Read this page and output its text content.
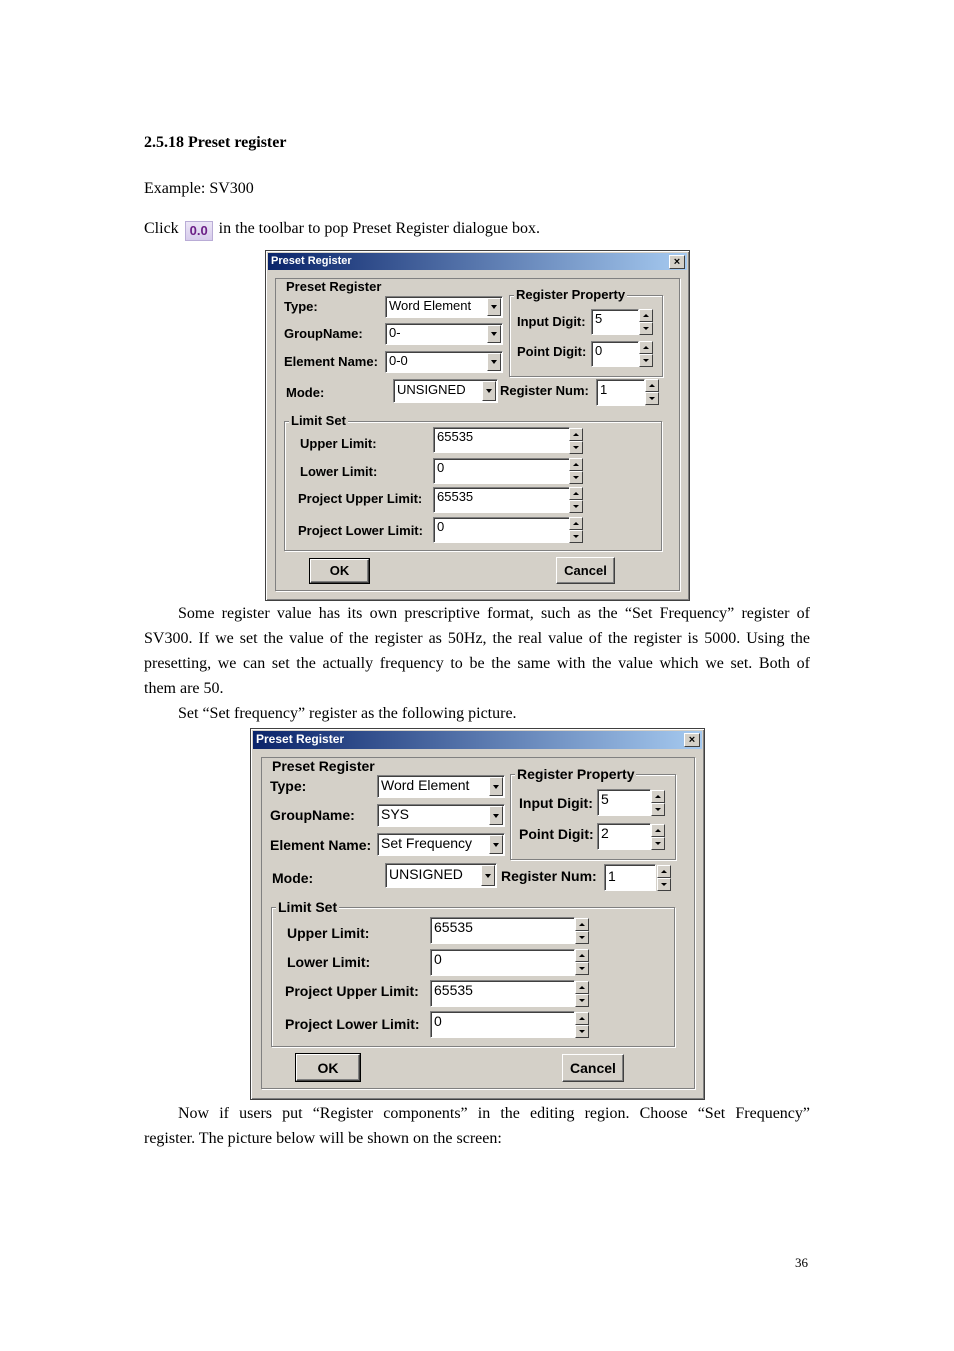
2.5.18 Preset register

Example: SV300

Click 0.0 in the toolbar to pop Preset Register dialogue box.

Preset Register	×
Preset Register
Type:	Word Element
GroupName: 0-
Element Name: 0-0
Register Property
Input Digit: 5
Point Digit: 0
Mode:	UNSIGNED	Register Num: 1
Limit Set
Upper Limit:	65535
Lower Limit:	0
Project Upper Limit: 65535
Project Lower Limit: 0
OK	Cancel

Some register value has its own prescriptive format, such as the “Set Frequency” register of

SV300. If we set the value of the register as 50Hz, the real value of the register is 5000. Using the

presetting, we can set the actually frequency to be the same with the value which we set. Both of

them are 50.

Set “Set frequency” register as the following picture.

Preset Register	×
Preset Register
Type:	Word Element
GroupName: SYS
Element Name: Set Frequency
Register Property
Input Digit: 5
Point Digit: 2
Mode:	UNSIGNED	Register Num: 1
Limit Set
Upper Limit:	65535
Lower Limit:	0
Project Upper Limit: 65535
Project Lower Limit: 0
OK	Cancel

Now if users put “Register components” in the editing region. Choose “Set Frequency”

register. The picture below will be shown on the screen:

36
